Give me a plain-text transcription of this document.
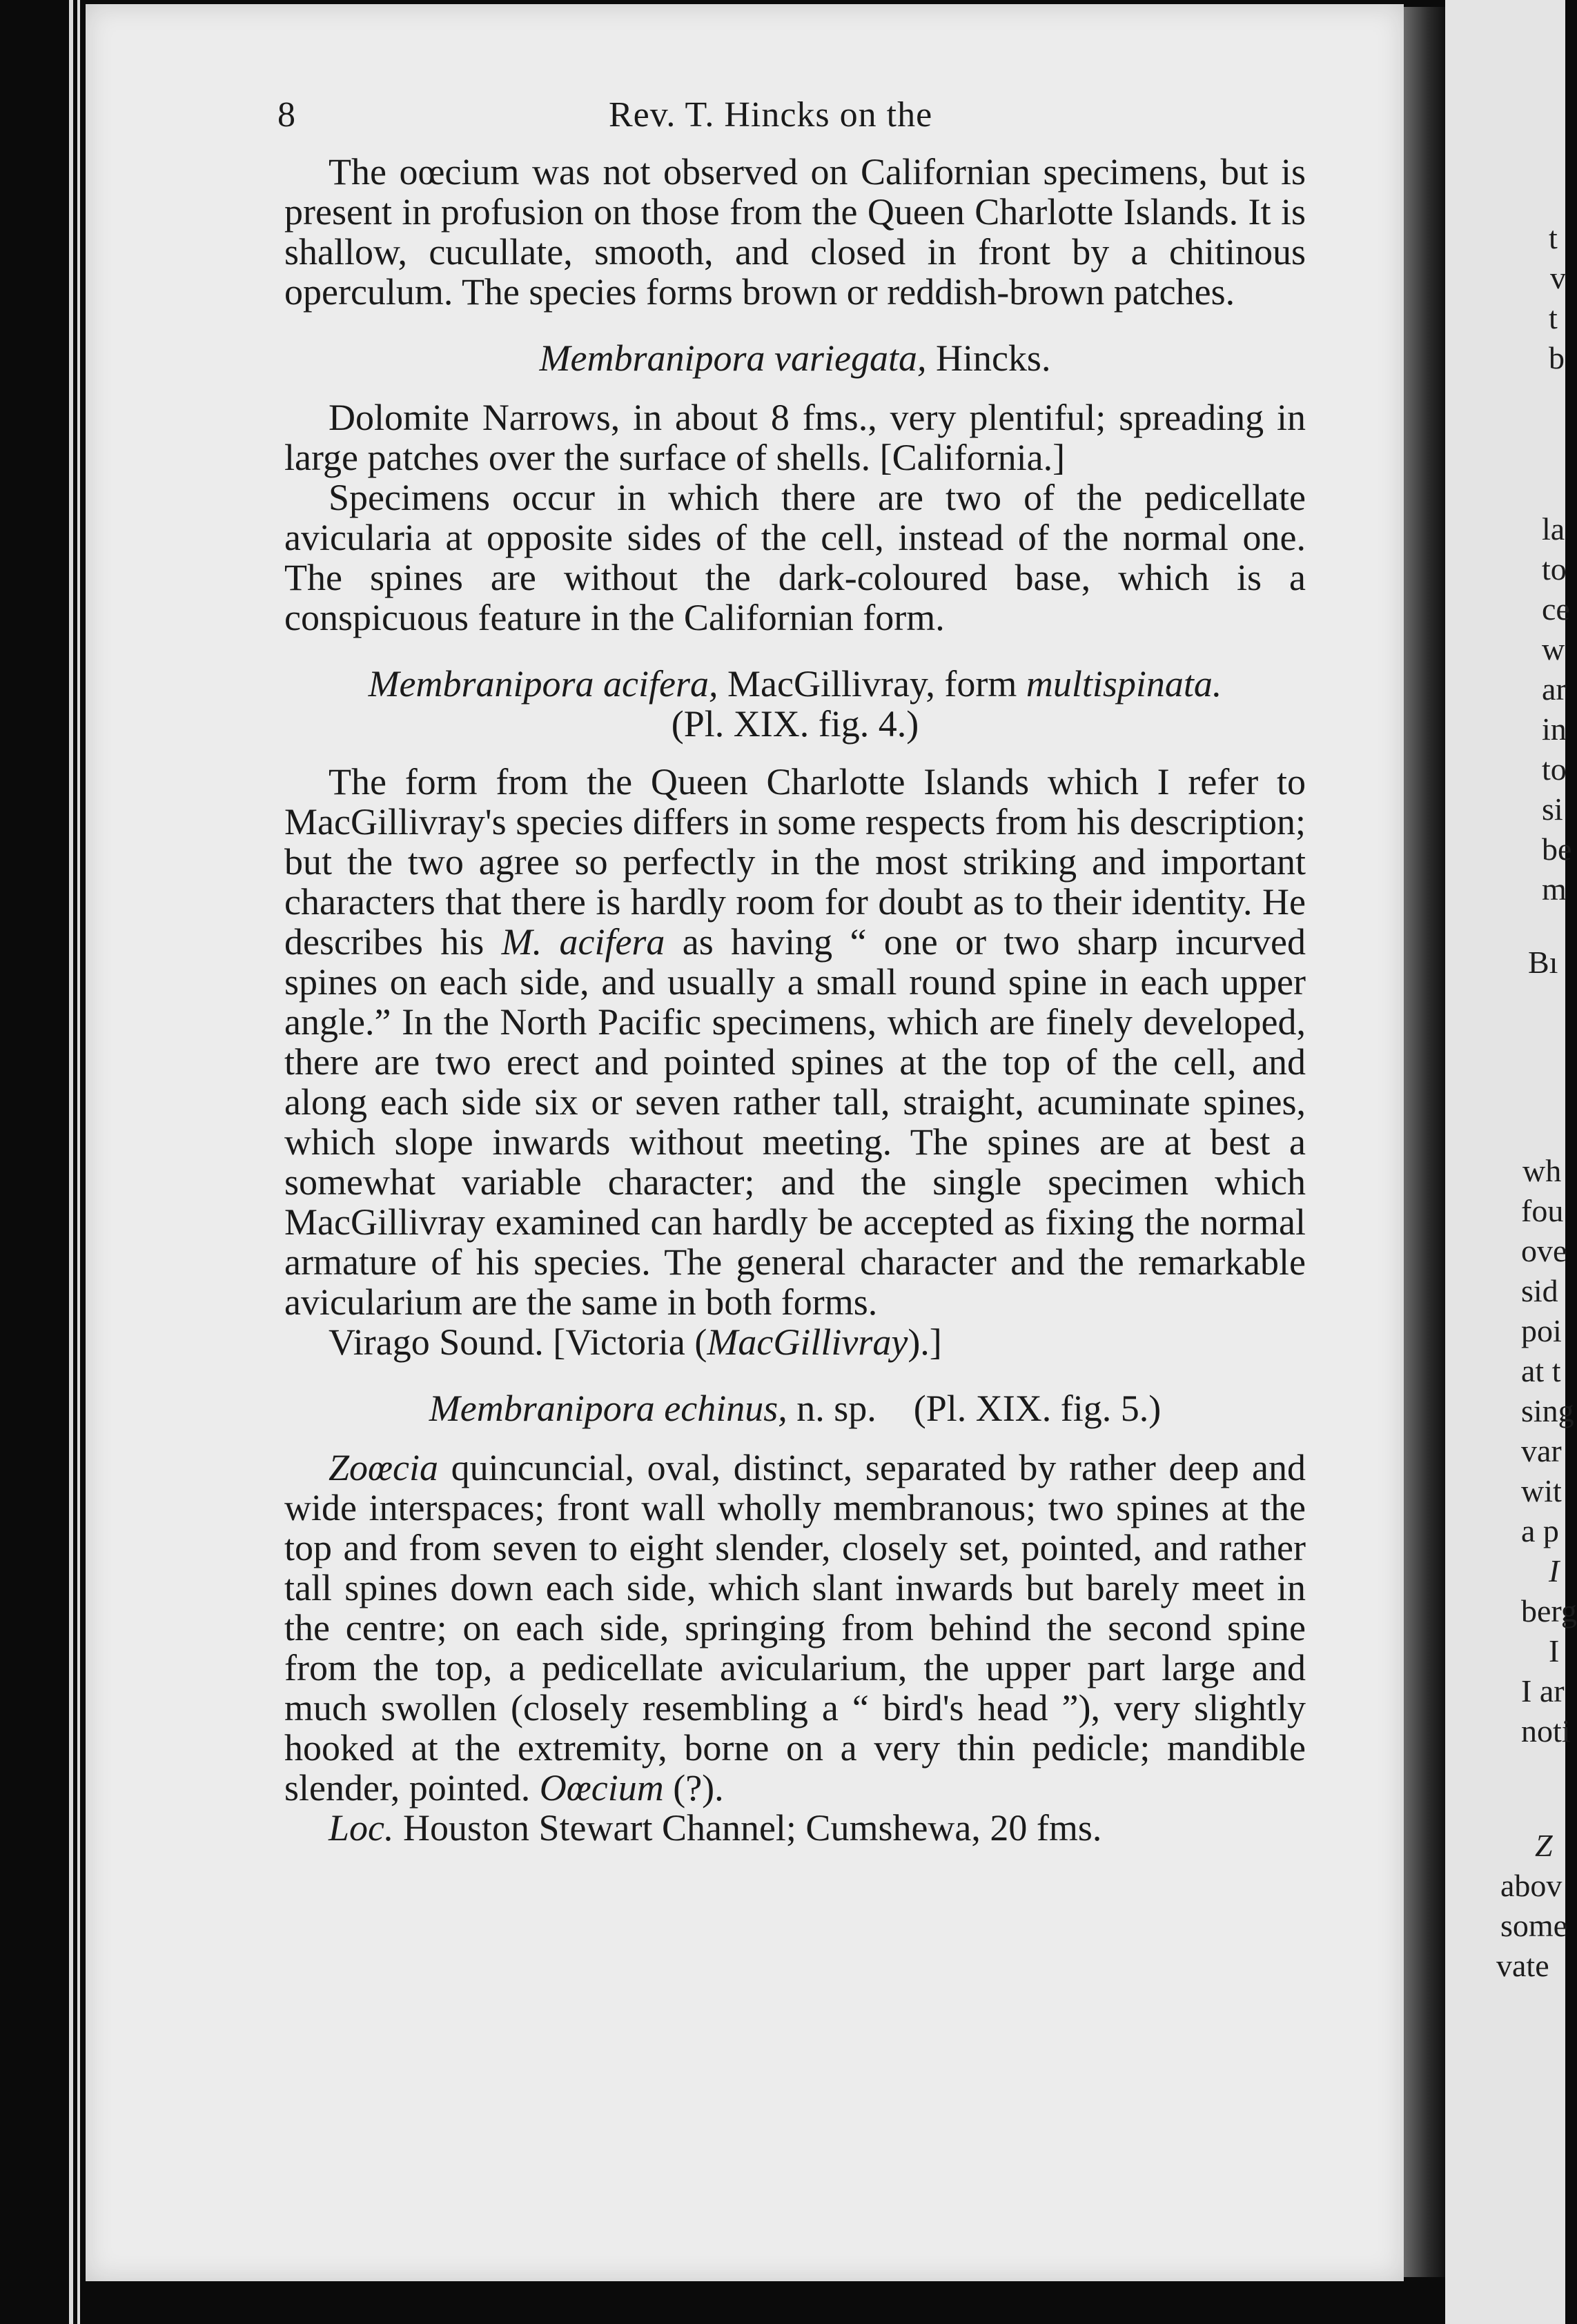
t
v
t
b
la
to
ce
w
ar
in
to
si
be
m
Bı
wh
fou
ove
sid
poi
at t
sing
var
wit
a p
I
berg
I
I ar
noti
Z
abov
some
vate
8	Rev. T. Hincks on the

The oœcium was not observed on Californian specimens, but is present in profusion on those from the Queen Charlotte Islands. It is shallow, cucullate, smooth, and closed in front by a chitinous operculum. The species forms brown or reddish-brown patches.

Membranipora variegata, Hincks.

Dolomite Narrows, in about 8 fms., very plentiful; spreading in large patches over the surface of shells. [California.]

Specimens occur in which there are two of the pedicellate avicularia at opposite sides of the cell, instead of the normal one. The spines are without the dark-coloured base, which is a conspicuous feature in the Californian form.

Membranipora acifera, MacGillivray, form multispinata.
(Pl. XIX. fig. 4.)

The form from the Queen Charlotte Islands which I refer to MacGillivray's species differs in some respects from his description; but the two agree so perfectly in the most striking and important characters that there is hardly room for doubt as to their identity. He describes his M. acifera as having “ one or two sharp incurved spines on each side, and usually a small round spine in each upper angle.” In the North Pacific specimens, which are finely developed, there are two erect and pointed spines at the top of the cell, and along each side six or seven rather tall, straight, acuminate spines, which slope inwards without meeting. The spines are at best a somewhat variable character; and the single specimen which MacGillivray examined can hardly be accepted as fixing the normal armature of his species. The general character and the remarkable avicularium are the same in both forms.

Virago Sound. [Victoria (MacGillivray).]

Membranipora echinus, n. sp. (Pl. XIX. fig. 5.)

Zoœcia quincuncial, oval, distinct, separated by rather deep and wide interspaces; front wall wholly membranous; two spines at the top and from seven to eight slender, closely set, pointed, and rather tall spines down each side, which slant inwards but barely meet in the centre; on each side, springing from behind the second spine from the top, a pedicellate avicularium, the upper part large and much swollen (closely resembling a “ bird's head ”), very slightly hooked at the extremity, borne on a very thin pedicle; mandible slender, pointed. Oœcium (?).

Loc. Houston Stewart Channel; Cumshewa, 20 fms.
